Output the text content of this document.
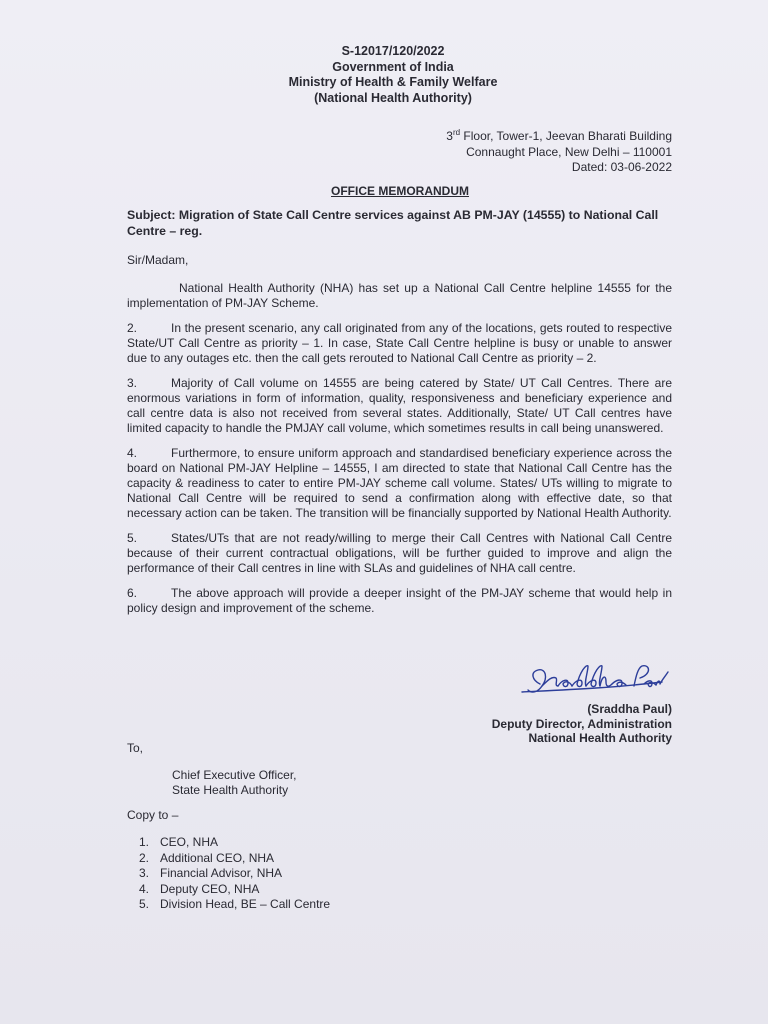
S-12017/120/2022
Government of India
Ministry of Health & Family Welfare
(National Health Authority)
3rd Floor, Tower-1, Jeevan Bharati Building
Connaught Place, New Delhi – 110001
Dated: 03-06-2022
OFFICE MEMORANDUM
Subject: Migration of State Call Centre services against AB PM-JAY (14555) to National Call Centre – reg.
Sir/Madam,

National Health Authority (NHA) has set up a National Call Centre helpline 14555 for the implementation of PM-JAY Scheme.

2.	In the present scenario, any call originated from any of the locations, gets routed to respective State/UT Call Centre as priority – 1. In case, State Call Centre helpline is busy or unable to answer due to any outages etc. then the call gets rerouted to National Call Centre as priority – 2.

3.	Majority of Call volume on 14555 are being catered by State/ UT Call Centres. There are enormous variations in form of information, quality, responsiveness and beneficiary experience and call centre data is also not received from several states. Additionally, State/ UT Call centres have limited capacity to handle the PMJAY call volume, which sometimes results in call being unanswered.

4.	Furthermore, to ensure uniform approach and standardised beneficiary experience across the board on National PM-JAY Helpline – 14555, I am directed to state that National Call Centre has the capacity & readiness to cater to entire PM-JAY scheme call volume. States/ UTs willing to migrate to National Call Centre will be required to send a confirmation along with effective date, so that necessary action can be taken. The transition will be financially supported by National Health Authority.

5.	States/UTs that are not ready/willing to merge their Call Centres with National Call Centre because of their current contractual obligations, will be further guided to improve and align the performance of their Call centres in line with SLAs and guidelines of NHA call centre.

6.	The above approach will provide a deeper insight of the PM-JAY scheme that would help in policy design and improvement of the scheme.

Sraddha Paul
(Sraddha Paul)
Deputy Director, Administration
National Health Authority
To,
Chief Executive Officer,
State Health Authority
Copy to –
1. CEO, NHA
2. Additional CEO, NHA
3. Financial Advisor, NHA
4. Deputy CEO, NHA
5. Division Head, BE – Call Centre
